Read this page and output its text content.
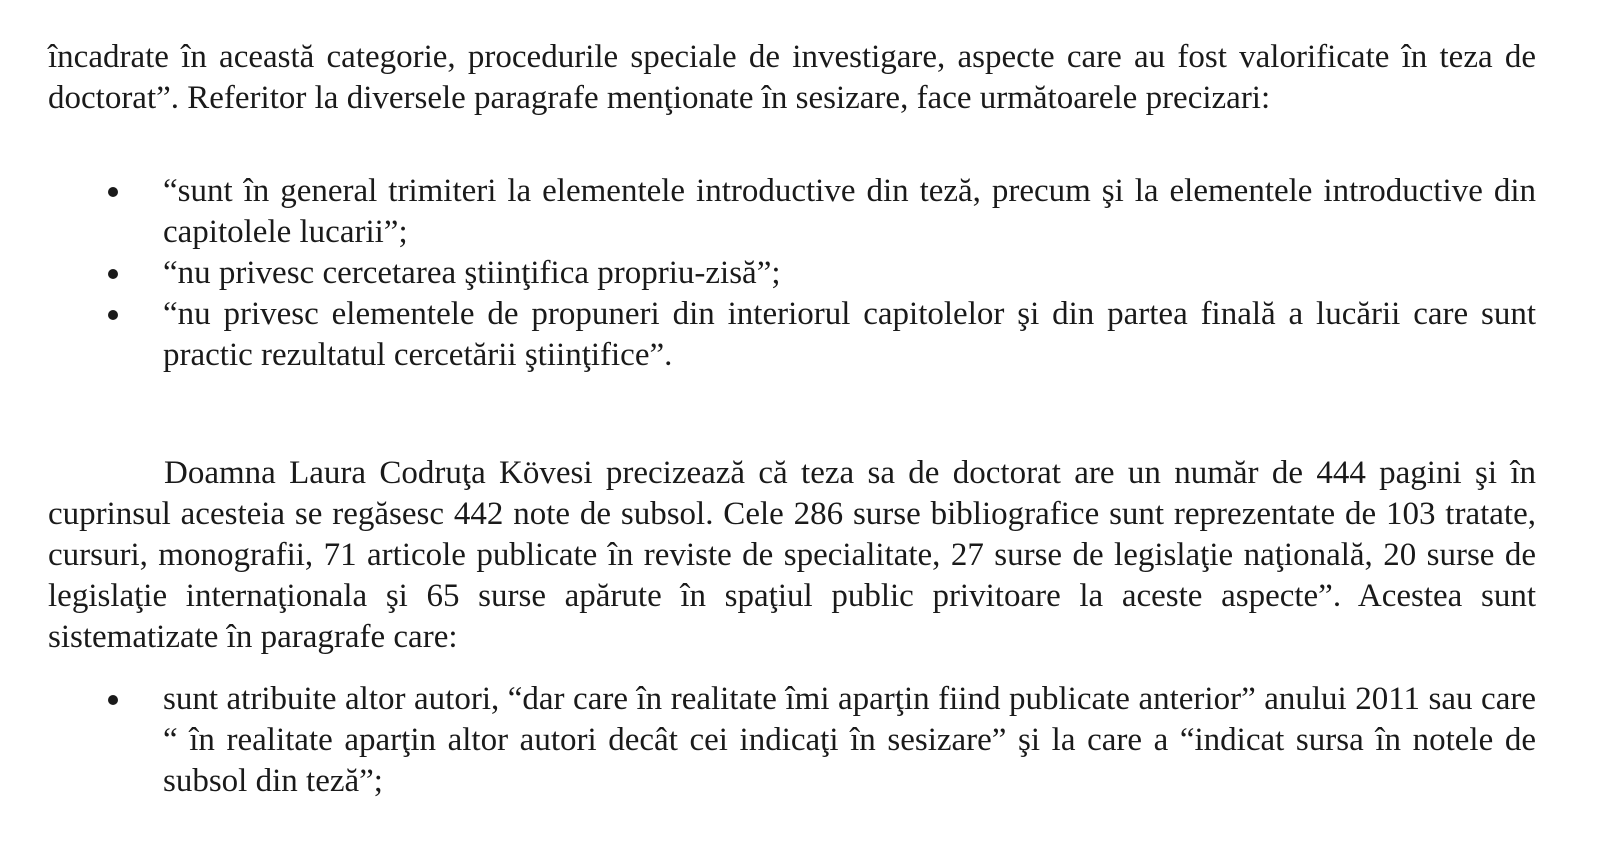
încadrate în această categorie, procedurile speciale de investigare, aspecte care au fost valorificate în teza de doctorat”. Referitor la diversele paragrafe menţionate în sesizare, face următoarele precizari:

“sunt în general trimiteri la elementele introductive din teză, precum şi la elementele introductive din capitolele lucarii”;
“nu privesc cercetarea ştiinţifica propriu-zisă”;
“nu privesc elementele de propuneri din interiorul capitolelor şi din partea finală a lucării care sunt practic rezultatul cercetării ştiinţifice”.

Doamna Laura Codruţa Kövesi precizează că teza sa de doctorat are un număr de 444 pagini şi în cuprinsul acesteia se regăsesc 442 note de subsol. Cele 286 surse bibliografice sunt reprezentate de 103 tratate, cursuri, monografii, 71 articole publicate în reviste de specialitate, 27 surse de legislaţie naţională, 20 surse de legislaţie internaţionala şi 65 surse apărute în spaţiul public privitoare la aceste aspecte”. Acestea sunt sistematizate în paragrafe care:

sunt atribuite altor autori, “dar care în realitate îmi aparţin fiind publicate anterior” anului 2011 sau care “ în realitate aparţin altor autori decât cei indicaţi în sesizare” şi la care a “indicat sursa în notele de subsol din teză”;
